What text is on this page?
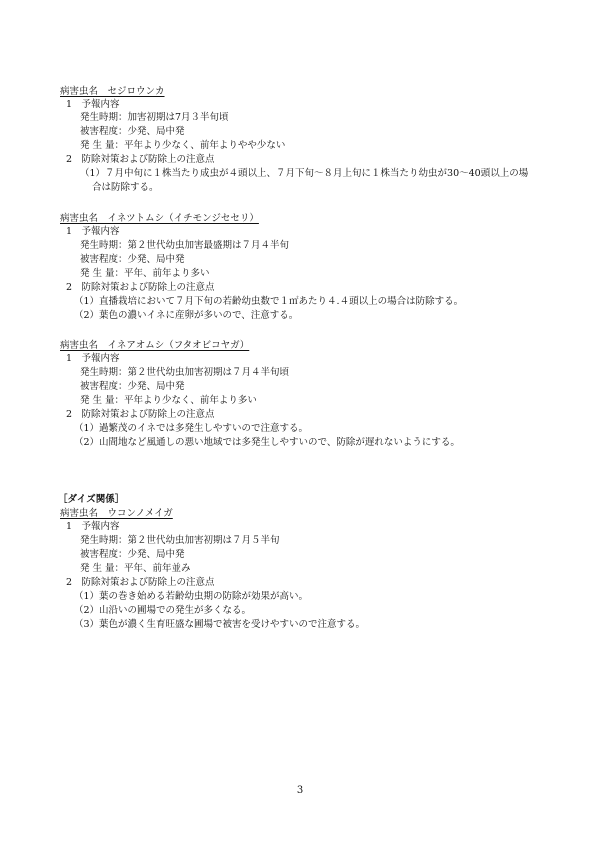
病害虫名　セジロウンカ
1　予報内容
発生時期：加害初期は7月３半旬頃
被害程度：少発、局中発
発 生 量：平年より少なく、前年よりやや少ない
2　防除対策および防除上の注意点
（1）７月中旬に１株当たり成虫が４頭以上、７月下旬～８月上旬に１株当たり幼虫が30～40頭以上の場
合は防除する。
病害虫名　イネツトムシ（イチモンジセセリ）
1　予報内容
発生時期：第２世代幼虫加害最盛期は７月４半旬
被害程度：少発、局中発
発 生 量：平年、前年より多い
2　防除対策および防除上の注意点
（1）直播栽培において７月下旬の若齢幼虫数で１㎡あたり４.４頭以上の場合は防除する。
（2）葉色の濃いイネに産卵が多いので、注意する。
病害虫名　イネアオムシ（フタオビコヤガ）
1　予報内容
発生時期：第２世代幼虫加害初期は７月４半旬頃
被害程度：少発、局中発
発 生 量：平年より少なく、前年より多い
2　防除対策および防除上の注意点
（1）過繁茂のイネでは多発生しやすいので注意する。
（2）山間地など風通しの悪い地域では多発生しやすいので、防除が遅れないようにする。
［ダイズ関係］
病害虫名　ウコンノメイガ
1　予報内容
発生時期：第２世代幼虫加害初期は７月５半旬
被害程度：少発、局中発
発 生 量：平年、前年並み
2　防除対策および防除上の注意点
（1）葉の巻き始める若齢幼虫期の防除が効果が高い。
（2）山沿いの圃場での発生が多くなる。
（3）葉色が濃く生育旺盛な圃場で被害を受けやすいので注意する。
3
